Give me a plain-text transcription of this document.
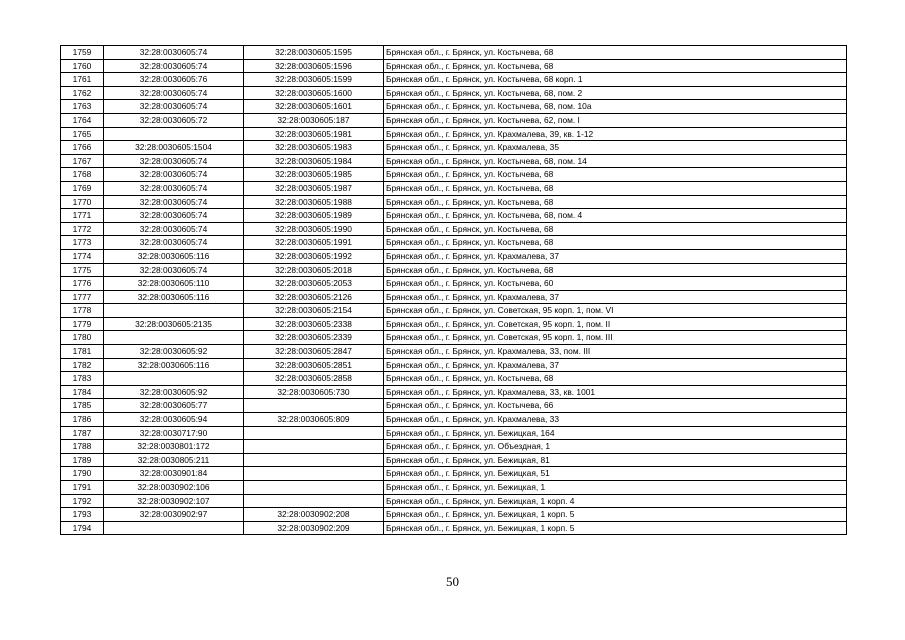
1759	32:28:0030605:74	32:28:0030605:1595	Брянская обл., г. Брянск, ул. Костычева, 68
1760	32:28:0030605:74	32:28:0030605:1596	Брянская обл., г. Брянск, ул. Костычева, 68
1761	32:28:0030605:76	32:28:0030605:1599	Брянская обл., г. Брянск, ул. Костычева, 68 корп. 1
1762	32:28:0030605:74	32:28:0030605:1600	Брянская обл., г. Брянск, ул. Костычева, 68, пом. 2
1763	32:28:0030605:74	32:28:0030605:1601	Брянская обл., г. Брянск, ул. Костычева, 68, пом. 10а
1764	32:28:0030605:72	32:28:0030605:187	Брянская обл., г. Брянск, ул. Костычева, 62, пом. I
1765		32:28:0030605:1981	Брянская обл., г. Брянск, ул. Крахмалева, 39, кв. 1-12
1766	32:28:0030605:1504	32:28:0030605:1983	Брянская обл., г. Брянск, ул. Крахмалева, 35
1767	32:28:0030605:74	32:28:0030605:1984	Брянская обл., г. Брянск, ул. Костычева, 68, пом. 14
1768	32:28:0030605:74	32:28:0030605:1985	Брянская обл., г. Брянск, ул. Костычева, 68
1769	32:28:0030605:74	32:28:0030605:1987	Брянская обл., г. Брянск, ул. Костычева, 68
1770	32:28:0030605:74	32:28:0030605:1988	Брянская обл., г. Брянск, ул. Костычева, 68
1771	32:28:0030605:74	32:28:0030605:1989	Брянская обл., г. Брянск, ул. Костычева, 68, пом. 4
1772	32:28:0030605:74	32:28:0030605:1990	Брянская обл., г. Брянск, ул. Костычева, 68
1773	32:28:0030605:74	32:28:0030605:1991	Брянская обл., г. Брянск, ул. Костычева, 68
1774	32:28:0030605:116	32:28:0030605:1992	Брянская обл., г. Брянск, ул. Крахмалева, 37
1775	32:28:0030605:74	32:28:0030605:2018	Брянская обл., г. Брянск, ул. Костычева, 68
1776	32:28:0030605:110	32:28:0030605:2053	Брянская обл., г. Брянск, ул. Костычева, 60
1777	32:28:0030605:116	32:28:0030605:2126	Брянская обл., г. Брянск, ул. Крахмалева, 37
1778		32:28:0030605:2154	Брянская обл., г. Брянск, ул. Советская, 95 корп. 1, пом. VI
1779	32:28:0030605:2135	32:28:0030605:2338	Брянская обл., г. Брянск, ул. Советская, 95 корп. 1, пом. II
1780		32:28:0030605:2339	Брянская обл., г. Брянск, ул. Советская, 95 корп. 1, пом. III
1781	32:28:0030605:92	32:28:0030605:2847	Брянская обл., г. Брянск, ул. Крахмалева, 33, пом. III
1782	32:28:0030605:116	32:28:0030605:2851	Брянская обл., г. Брянск, ул. Крахмалева, 37
1783		32:28:0030605:2858	Брянская обл., г. Брянск, ул. Костычева, 68
1784	32:28:0030605:92	32:28:0030605:730	Брянская обл., г. Брянск, ул. Крахмалева, 33, кв. 1001
1785	32:28:0030605:77		Брянская обл., г. Брянск, ул. Костычева, 66
1786	32:28:0030605:94	32:28:0030605:809	Брянская обл., г. Брянск, ул. Крахмалева, 33
1787	32:28:0030717:90		Брянская обл., г. Брянск, ул. Бежицкая, 164
1788	32:28:0030801:172		Брянская обл., г. Брянск, ул. Объездная, 1
1789	32:28:0030805:211		Брянская обл., г. Брянск, ул. Бежицкая, 81
1790	32:28:0030901:84		Брянская обл., г. Брянск, ул. Бежицкая, 51
1791	32:28:0030902:106		Брянская обл., г. Брянск, ул. Бежицкая, 1
1792	32:28:0030902:107		Брянская обл., г. Брянск, ул. Бежицкая, 1 корп. 4
1793	32:28:0030902:97	32:28:0030902:208	Брянская обл., г. Брянск, ул. Бежицкая, 1 корп. 5
1794		32:28:0030902:209	Брянская обл., г. Брянск, ул. Бежицкая, 1 корп. 5
50
